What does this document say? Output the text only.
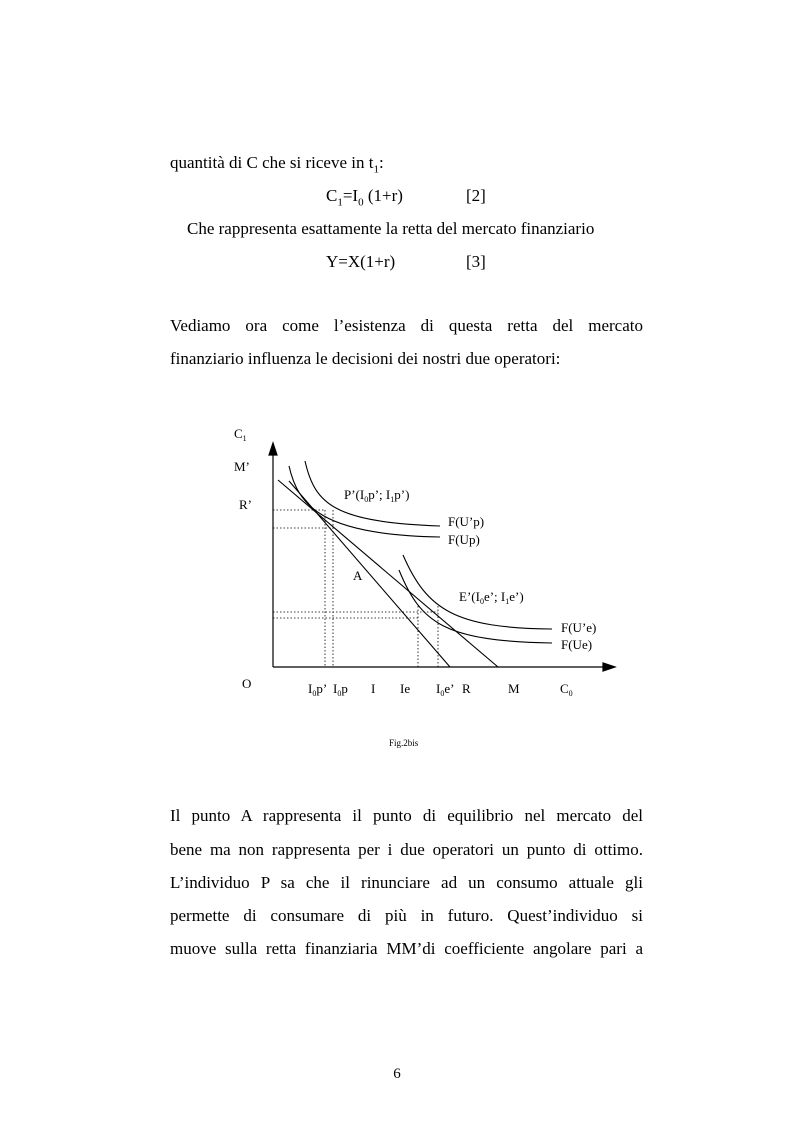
quantità di C che si riceve in $t_1$:
$C_1=I_0$ (1+r)	[2]
Che rappresenta esattamente la retta del mercato finanziario
Y=X(1+r)	[3]
Vediamo ora come l’esistenza di questa retta del mercato
finanziario influenza le decisioni dei nostri due operatori:
$C_1$
M’
R’
O	$C_0$
$P’(I_0p$’; $I_1p$’)
A
$E’(I_0e$’; $I_1e$’)
F(U’p)
F(Up)
F(U’e)
F(Ue)
$I_0p$’ $I_0p$ I Ie $I_0e$’ R	M
Fig.2bis
Il punto A rappresenta il punto di equilibrio nel mercato del
bene ma non rappresenta per i due operatori un punto di ottimo.
L’individuo P sa che il rinunciare ad un consumo attuale gli
permette di consumare di più in futuro. Quest’individuo si
muove sulla retta finanziaria MM’di coefficiente angolare pari a
6
